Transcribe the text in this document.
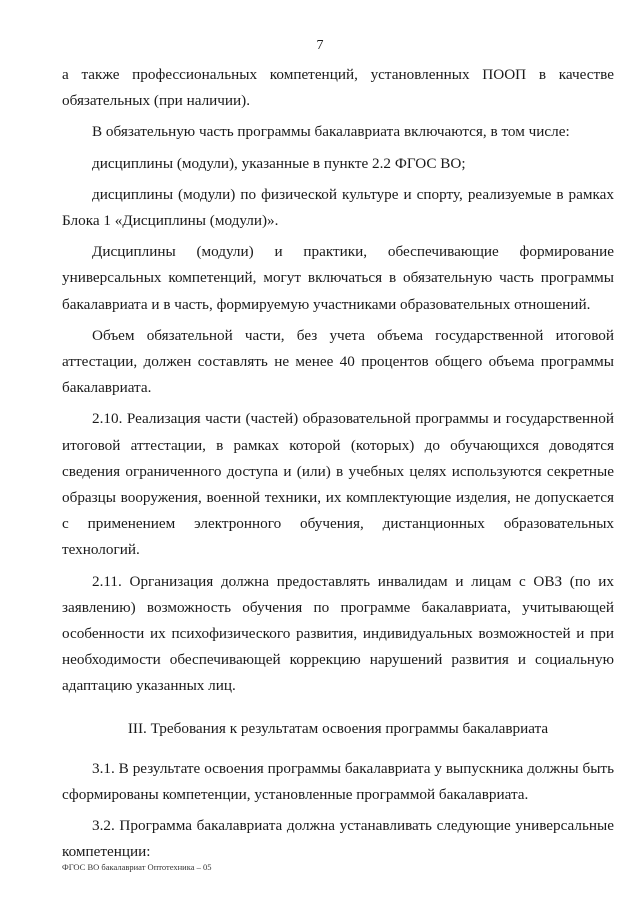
7

а также профессиональных компетенций, установленных ПООП в качестве обязательных (при наличии).

В обязательную часть программы бакалавриата включаются, в том числе:

дисциплины (модули), указанные в пункте 2.2 ФГОС ВО;

дисциплины (модули) по физической культуре и спорту, реализуемые в рамках Блока 1 «Дисциплины (модули)».

Дисциплины (модули) и практики, обеспечивающие формирование универсальных компетенций, могут включаться в обязательную часть программы бакалавриата и в часть, формируемую участниками образовательных отношений.

Объем обязательной части, без учета объема государственной итоговой аттестации, должен составлять не менее 40 процентов общего объема программы бакалавриата.

2.10. Реализация части (частей) образовательной программы и государственной итоговой аттестации, в рамках которой (которых) до обучающихся доводятся сведения ограниченного доступа и (или) в учебных целях используются секретные образцы вооружения, военной техники, их комплектующие изделия, не допускается с применением электронного обучения, дистанционных образовательных технологий.

2.11. Организация должна предоставлять инвалидам и лицам с ОВЗ (по их заявлению) возможность обучения по программе бакалавриата, учитывающей особенности их психофизического развития, индивидуальных возможностей и при необходимости обеспечивающей коррекцию нарушений развития и социальную адаптацию указанных лиц.

III. Требования к результатам освоения программы бакалавриата

3.1. В результате освоения программы бакалавриата у выпускника должны быть сформированы компетенции, установленные программой бакалавриата.

3.2. Программа бакалавриата должна устанавливать следующие универсальные компетенции:

ФГОС ВО бакалавриат Оптотехника – 05
